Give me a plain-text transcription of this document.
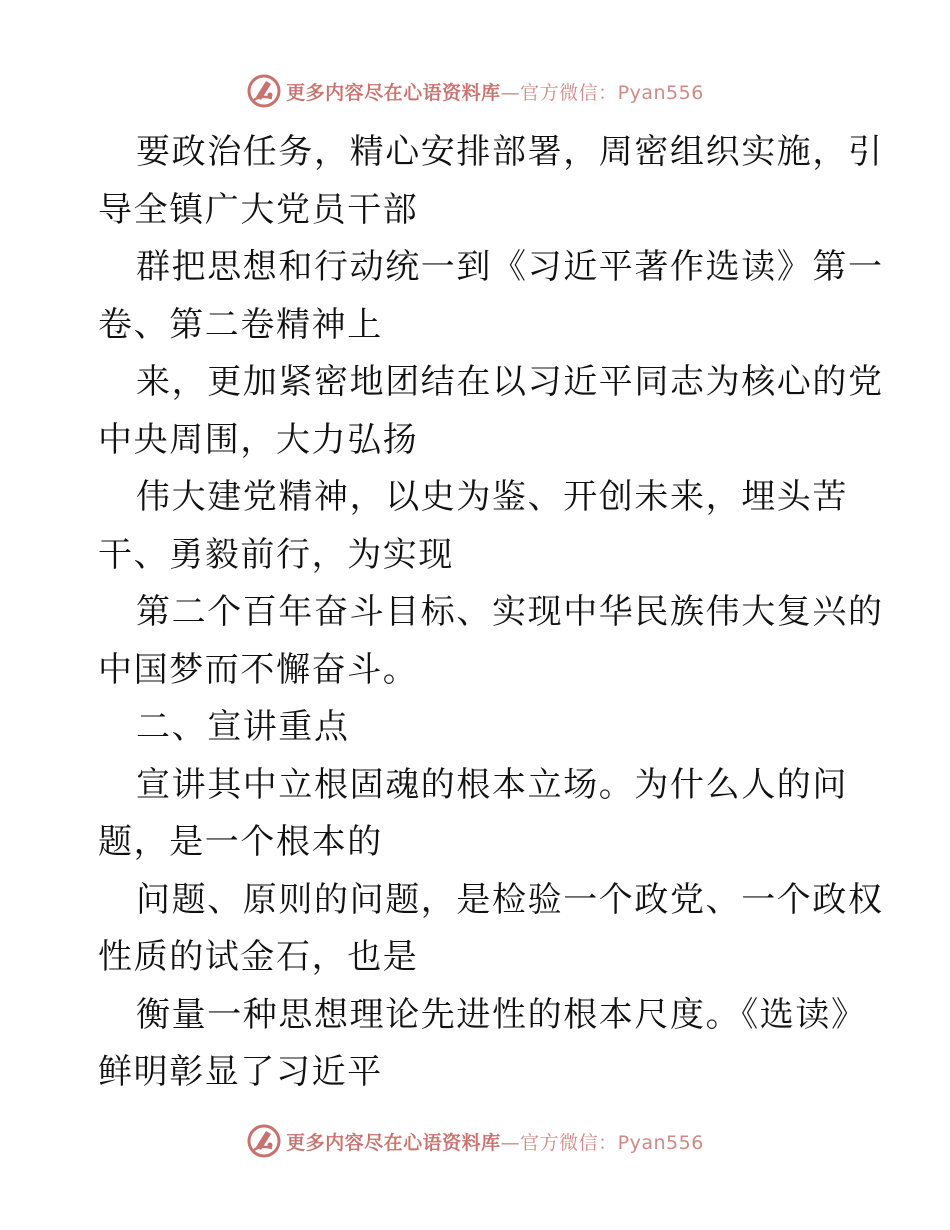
更多内容尽在心语资料库—官方微信：Pyan556
要政治任务，精心安排部署，周密组织实施，引
导全镇广大党员干部
群把思想和行动统一到《习近平著作选读》第一
卷、第二卷精神上
来，更加紧密地团结在以习近平同志为核心的党
中央周围，大力弘扬
伟大建党精神，以史为鉴、开创未来，埋头苦
干、勇毅前行，为实现
第二个百年奋斗目标、实现中华民族伟大复兴的
中国梦而不懈奋斗。
二、宣讲重点
宣讲其中立根固魂的根本立场。为什么人的问
题，是一个根本的
问题、原则的问题，是检验一个政党、一个政权
性质的试金石，也是
衡量一种思想理论先进性的根本尺度。《选读》
鲜明彰显了习近平
更多内容尽在心语资料库—官方微信：Pyan556
